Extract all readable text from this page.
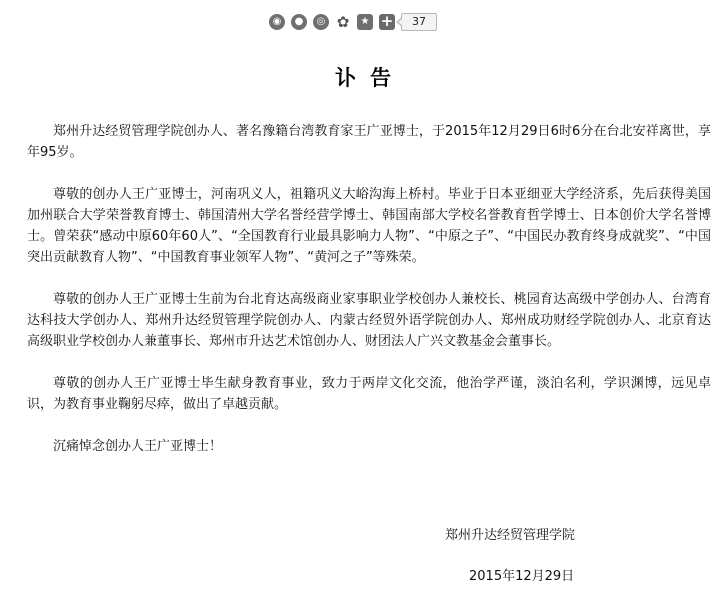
◉	●	◎ ✿	★ +	37
讣告

郑州升达经贸管理学院创办人、著名豫籍台湾教育家王广亚博士，于2015年12月29日6时6分在台北安祥离世，享年95岁。

尊敬的创办人王广亚博士，河南巩义人，祖籍巩义大峪沟海上桥村。毕业于日本亚细亚大学经济系，先后获得美国加州联合大学荣誉教育博士、韩国清州大学名誉经营学博士、韩国南部大学校名誉教育哲学博士、日本创价大学名誉博士。曾荣获“感动中原60年60人”、“全国教育行业最具影响力人物”、“中原之子”、“中国民办教育终身成就奖”、“中国突出贡献教育人物”、“中国教育事业领军人物”、“黄河之子”等殊荣。

尊敬的创办人王广亚博士生前为台北育达高级商业家事职业学校创办人兼校长、桃园育达高级中学创办人、台湾育达科技大学创办人、郑州升达经贸管理学院创办人、内蒙古经贸外语学院创办人、郑州成功财经学院创办人、北京育达高级职业学校创办人兼董事长、郑州市升达艺术馆创办人、财团法人广兴文教基金会董事长。

尊敬的创办人王广亚博士毕生献身教育事业，致力于两岸文化交流，他治学严谨，淡泊名利，学识渊博，远见卓识，为教育事业鞠躬尽瘁，做出了卓越贡献。

沉痛悼念创办人王广亚博士！

郑州升达经贸管理学院
2015年12月29日
